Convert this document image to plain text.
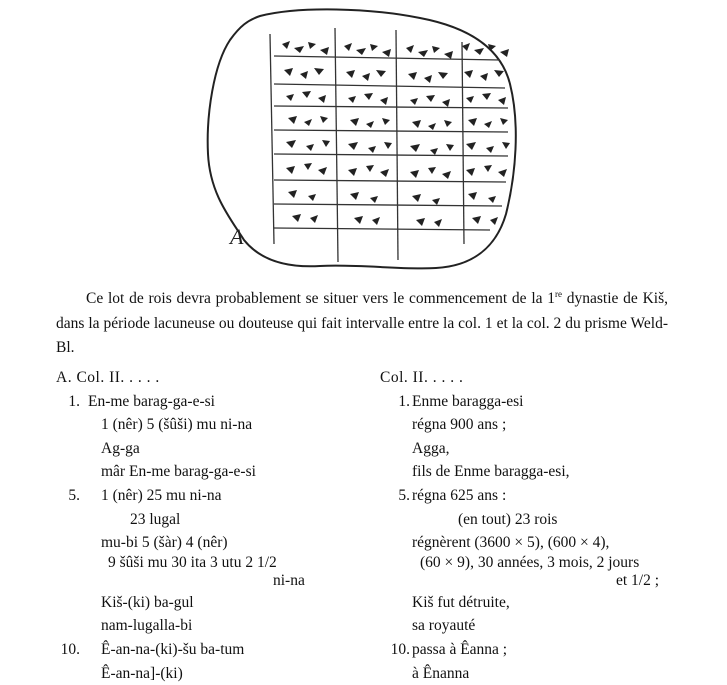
A
Ce lot de rois devra probablement se situer vers le commencement de la 1re dynastie de Kiš, dans la période lacuneuse ou douteuse qui fait intervalle entre la col. 1 et la col. 2 du prisme Weld-Bl.
A. Col. II. . . . .
1. En-me barag-ga-e-si
1 (nêr) 5 (šûši) mu ni-na
Ag-ga
mâr En-me barag-ga-e-si
5. 1 (nêr) 25 mu ni-na
23 lugal
mu-bi 5 (šàr) 4 (nêr)
9 šûši mu 30 ita 3 utu 2 1/2
ni-na
Kiš-(ki) ba-gul
nam-lugalla-bi
10. Ê-an-na-(ki)-šu ba-tum
Ê-an-na]-(ki)
Col. II. . . . .
1. Enme baragga-esi
régna 900 ans ;
Agga,
fils de Enme baragga-esi,
5. régna 625 ans :
(en tout) 23 rois
régnèrent (3600 × 5), (600 × 4),
(60 × 9), 30 années, 3 mois, 2 jours
et 1/2 ;
Kiš fut détruite,
sa royauté
10. passa à Êanna ;
à Ênanna
